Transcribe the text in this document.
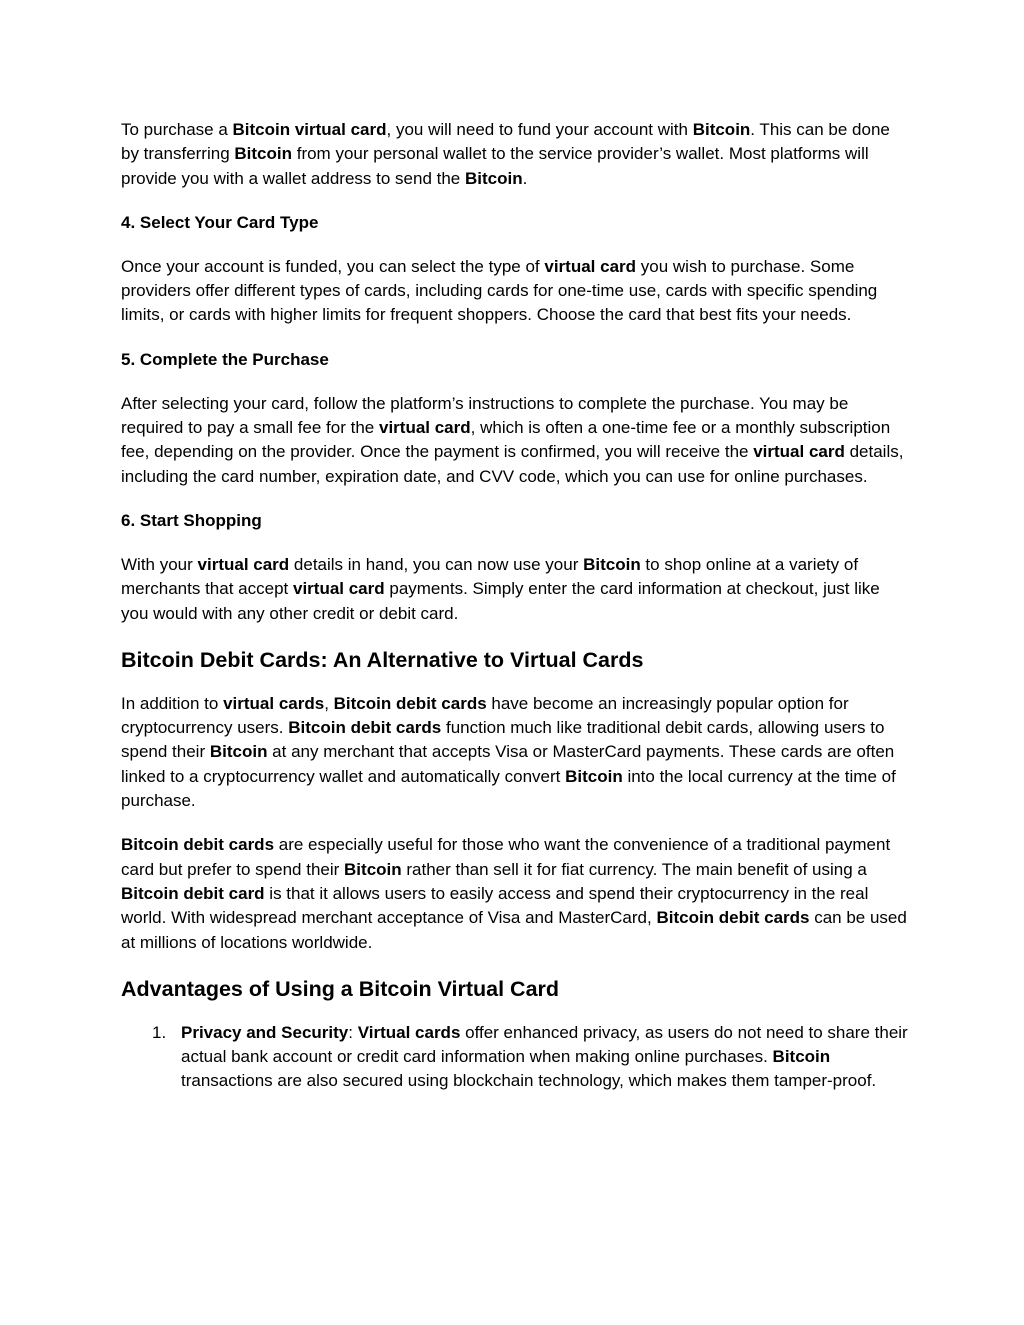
To purchase a Bitcoin virtual card, you will need to fund your account with Bitcoin. This can be done by transferring Bitcoin from your personal wallet to the service provider’s wallet. Most platforms will provide you with a wallet address to send the Bitcoin.

4. Select Your Card Type

Once your account is funded, you can select the type of virtual card you wish to purchase. Some providers offer different types of cards, including cards for one-time use, cards with specific spending limits, or cards with higher limits for frequent shoppers. Choose the card that best fits your needs.

5. Complete the Purchase

After selecting your card, follow the platform’s instructions to complete the purchase. You may be required to pay a small fee for the virtual card, which is often a one-time fee or a monthly subscription fee, depending on the provider. Once the payment is confirmed, you will receive the virtual card details, including the card number, expiration date, and CVV code, which you can use for online purchases.

6. Start Shopping

With your virtual card details in hand, you can now use your Bitcoin to shop online at a variety of merchants that accept virtual card payments. Simply enter the card information at checkout, just like you would with any other credit or debit card.

Bitcoin Debit Cards: An Alternative to Virtual Cards

In addition to virtual cards, Bitcoin debit cards have become an increasingly popular option for cryptocurrency users. Bitcoin debit cards function much like traditional debit cards, allowing users to spend their Bitcoin at any merchant that accepts Visa or MasterCard payments. These cards are often linked to a cryptocurrency wallet and automatically convert Bitcoin into the local currency at the time of purchase.

Bitcoin debit cards are especially useful for those who want the convenience of a traditional payment card but prefer to spend their Bitcoin rather than sell it for fiat currency. The main benefit of using a Bitcoin debit card is that it allows users to easily access and spend their cryptocurrency in the real world. With widespread merchant acceptance of Visa and MasterCard, Bitcoin debit cards can be used at millions of locations worldwide.

Advantages of Using a Bitcoin Virtual Card
1. Privacy and Security: Virtual cards offer enhanced privacy, as users do not need to share their actual bank account or credit card information when making online purchases. Bitcoin transactions are also secured using blockchain technology, which makes them tamper-proof.
